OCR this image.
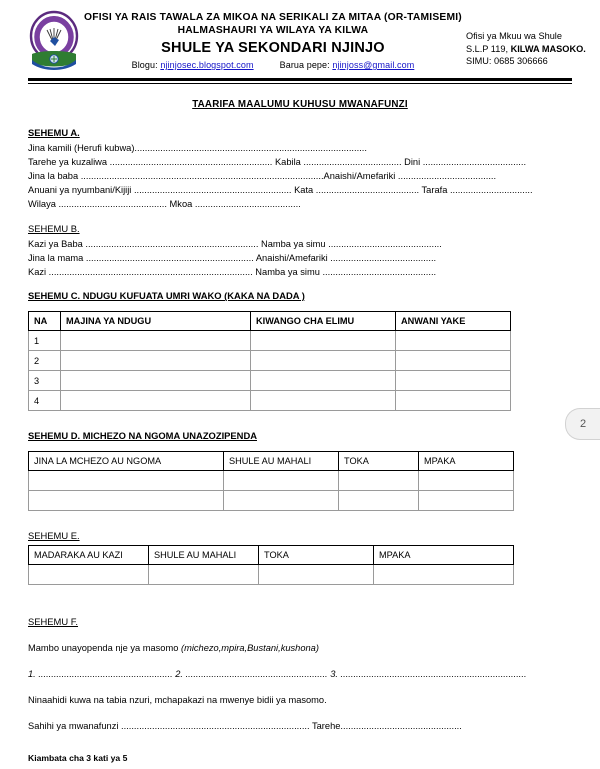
OFISI YA RAIS TAWALA ZA MIKOA NA SERIKALI ZA MITAA (OR-TAMISEMI)
HALMASHAURI YA WILAYA YA KILWA
SHULE YA SEKONDARI NJINJO
Blogu: njinjosec.blogspot.com	Barua pepe: njinjoss@gmail.com
Ofisi ya Mkuu wa Shule
S.L.P 119, KILWA MASOKO.
SIMU: 0685 306666
TAARIFA MAALUMU KUHUSU MWANAFUNZI
SEHEMU A.
Jina kamili (Herufi kubwa)..........................................................................................
Tarehe ya kuzaliwa ............................................................... Kabila ...................................... Dini ........................................
Jina la baba ..............................................................................................Anaishi/Amefariki ......................................
Anuani ya nyumbani/Kijiji ............................................................. Kata ........................................ Tarafa ................................
Wilaya .......................................... Mkoa .........................................
SEHEMU B.
Kazi ya Baba ................................................................... Namba ya simu ............................................
Jina la mama ................................................................. Anaishi/Amefariki .........................................
Kazi ............................................................................... Namba ya simu ............................................
SEHEMU C. NDUGU KUFUATA UMRI WAKO (KAKA NA DADA )
NA	MAJINA YA NDUGU	KIWANGO CHA ELIMU	ANWANI YAKE
1			
2			
3			
4			
SEHEMU D. MICHEZO NA NGOMA UNAZOZIPENDA
JINA LA MCHEZO AU NGOMA	SHULE AU MAHALI	TOKA	MPAKA

SEHEMU E.
MADARAKA AU KAZI	SHULE AU MAHALI	TOKA	MPAKA

SEHEMU F.
Mambo unayopenda nje ya masomo (michezo,mpira,Bustani,kushona)
1. .................................................... 2. ....................................................... 3. ........................................................................
Ninaahidi kuwa na tabia nzuri, mchapakazi na mwenye bidii ya masomo.
Sahihi ya mwanafunzi ......................................................................... Tarehe...............................................
Kiambata cha 3 kati ya 5
2
